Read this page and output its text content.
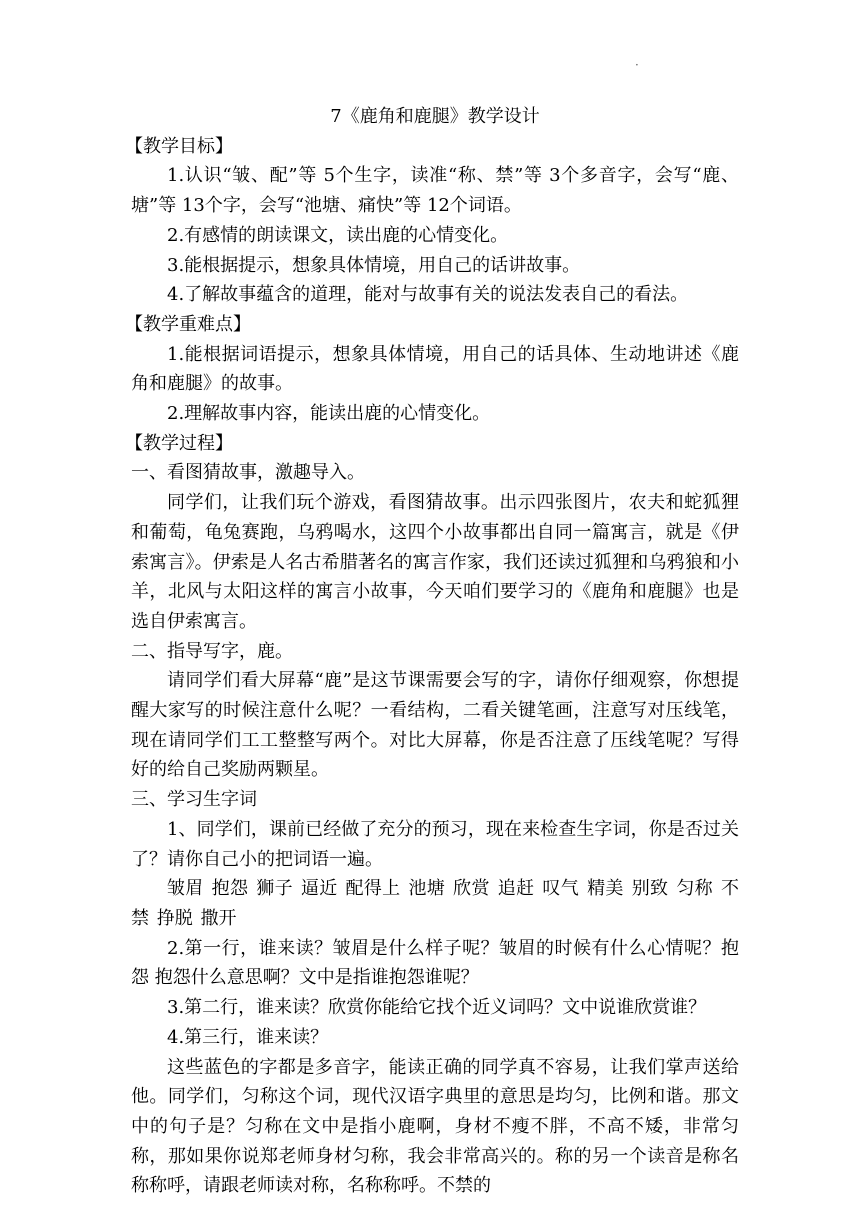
·

7《鹿角和鹿腿》教学设计

【教学目标】

1.认识“皱、配”等 5个生字，读准“称、禁”等 3个多音字，会写“鹿、塘”等 13个字，会写“池塘、痛快”等 12个词语。

2.有感情的朗读课文，读出鹿的心情变化。

3.能根据提示，想象具体情境，用自己的话讲故事。

4.了解故事蕴含的道理，能对与故事有关的说法发表自己的看法。

【教学重难点】

1.能根据词语提示，想象具体情境，用自己的话具体、生动地讲述《鹿角和鹿腿》的故事。

2.理解故事内容，能读出鹿的心情变化。

【教学过程】

一、看图猜故事，激趣导入。

同学们，让我们玩个游戏，看图猜故事。出示四张图片，农夫和蛇狐狸和葡萄，龟兔赛跑，乌鸦喝水，这四个小故事都出自同一篇寓言，就是《伊索寓言》。伊索是人名古希腊著名的寓言作家，我们还读过狐狸和乌鸦狼和小羊，北风与太阳这样的寓言小故事，今天咱们要学习的《鹿角和鹿腿》也是选自伊索寓言。

二、指导写字，鹿。

请同学们看大屏幕“鹿”是这节课需要会写的字，请你仔细观察，你想提醒大家写的时候注意什么呢？一看结构，二看关键笔画，注意写对压线笔，现在请同学们工工整整写两个。对比大屏幕，你是否注意了压线笔呢？写得好的给自己奖励两颗星。

三、学习生字词

1、同学们，课前已经做了充分的预习，现在来检查生字词，你是否过关了？请你自己小的把词语一遍。

皱眉 抱怨 狮子 逼近 配得上 池塘 欣赏 追赶 叹气 精美 别致 匀称 不禁 挣脱 撒开

2.第一行，谁来读？皱眉是什么样子呢？皱眉的时候有什么心情呢？抱怨 抱怨什么意思啊？文中是指谁抱怨谁呢？

3.第二行，谁来读？欣赏你能给它找个近义词吗？文中说谁欣赏谁？

4.第三行，谁来读？

这些蓝色的字都是多音字，能读正确的同学真不容易，让我们掌声送给他。同学们，匀称这个词，现代汉语字典里的意思是均匀，比例和谐。那文中的句子是？匀称在文中是指小鹿啊，身材不瘦不胖，不高不矮，非常匀称，那如果你说郑老师身材匀称，我会非常高兴的。称的另一个读音是称名称称呼，请跟老师读对称，名称称呼。不禁的
